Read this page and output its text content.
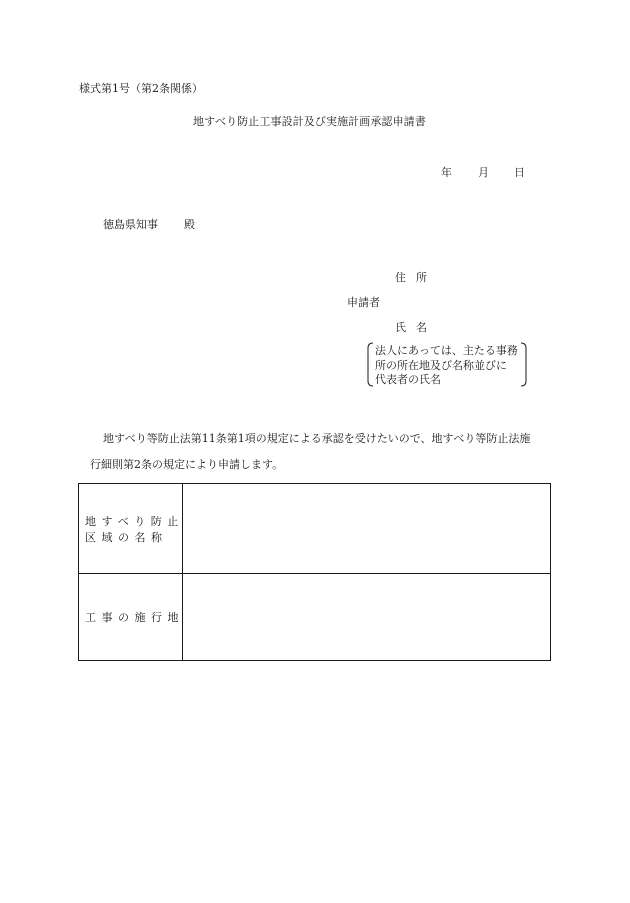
様式第1号（第2条関係）
地すべり防止工事設計及び実施計画承認申請書
年 月 日
徳島県知事 殿
住所
申請者
氏名
法人にあっては、主たる事務
所の所在地及び名称並びに
代表者の氏名
地すべり等防止法第11条第1項の規定による承認を受けたいので、地すべり等防止法施
行細則第2条の規定により申請します。
地すべり防止
区域の名称
工事の施行地
